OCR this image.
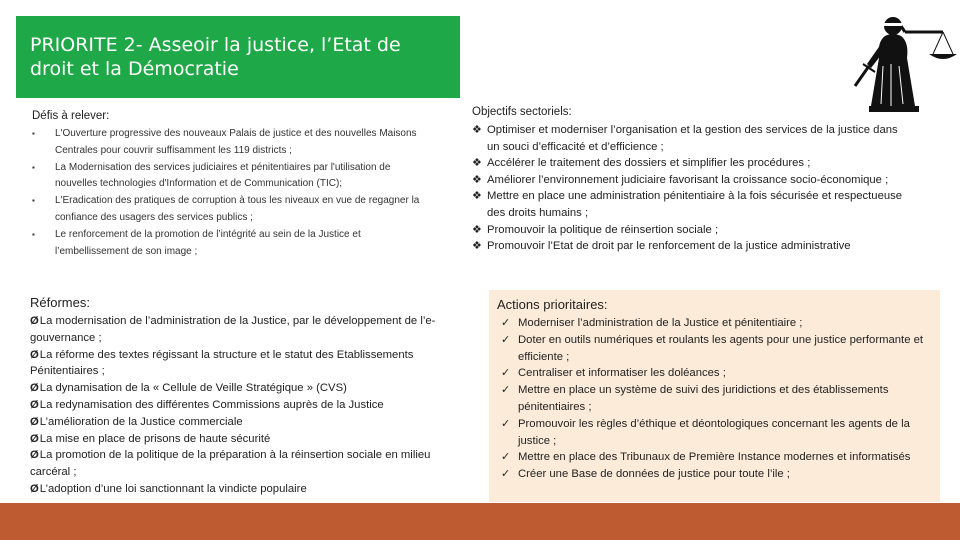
PRIORITE 2- Asseoir la justice, l’Etat de droit et la Démocratie
Défis à relever:
▪ L'Ouverture progressive des nouveaux Palais de justice et des nouvelles Maisons Centrales pour couvrir suffisamment les 119 districts ;
▪ La Modernisation des services judiciaires et pénitentiaires par l'utilisation de nouvelles technologies d'Information et de Communication (TIC);
▪ L'Eradication des pratiques de corruption à tous les niveaux en vue de regagner la confiance des usagers des services publics ;
▪ Le renforcement de la promotion de l’intégrité au sein de la Justice et l’embellissement de son image ;
Réformes:
ØLa modernisation de l’administration de la Justice, par le développement de l’e-gouvernance ;
ØLa réforme des textes régissant la structure et le statut des Etablissements Pénitentiaires ;
ØLa dynamisation de la « Cellule de Veille Stratégique » (CVS)
ØLa redynamisation des différentes Commissions auprès de la Justice
ØL’amélioration de la Justice commerciale
ØLa mise en place de prisons de haute sécurité
ØLa promotion de la politique de la préparation à la réinsertion sociale en milieu carcéral ;
ØL’adoption d’une loi sanctionnant la vindicte populaire
Objectifs sectoriels:
❖ Optimiser et moderniser l’organisation et la gestion des services de la justice dans un souci d’efficacité et d’efficience ;
❖ Accélérer le traitement des dossiers et simplifier les procédures ;
❖ Améliorer l’environnement judiciaire favorisant la croissance socio-économique ;
❖ Mettre en place une administration pénitentiaire à la fois sécurisée et respectueuse des droits humains ;
❖ Promouvoir la politique de réinsertion sociale ;
❖ Promouvoir l’Etat de droit par le renforcement de la justice administrative
Actions prioritaires:
✓ Moderniser l’administration de la Justice et pénitentiaire ;
✓ Doter en outils numériques et roulants les agents pour une justice performante et efficiente ;
✓ Centraliser et informatiser les doléances ;
✓ Mettre en place un système de suivi des juridictions et des établissements pénitentiaires ;
✓ Promouvoir les règles d’éthique et déontologiques concernant les agents de la justice ;
✓ Mettre en place des Tribunaux de Première Instance modernes et informatisés
✓ Créer une Base de données de justice pour toute l’ile ;
